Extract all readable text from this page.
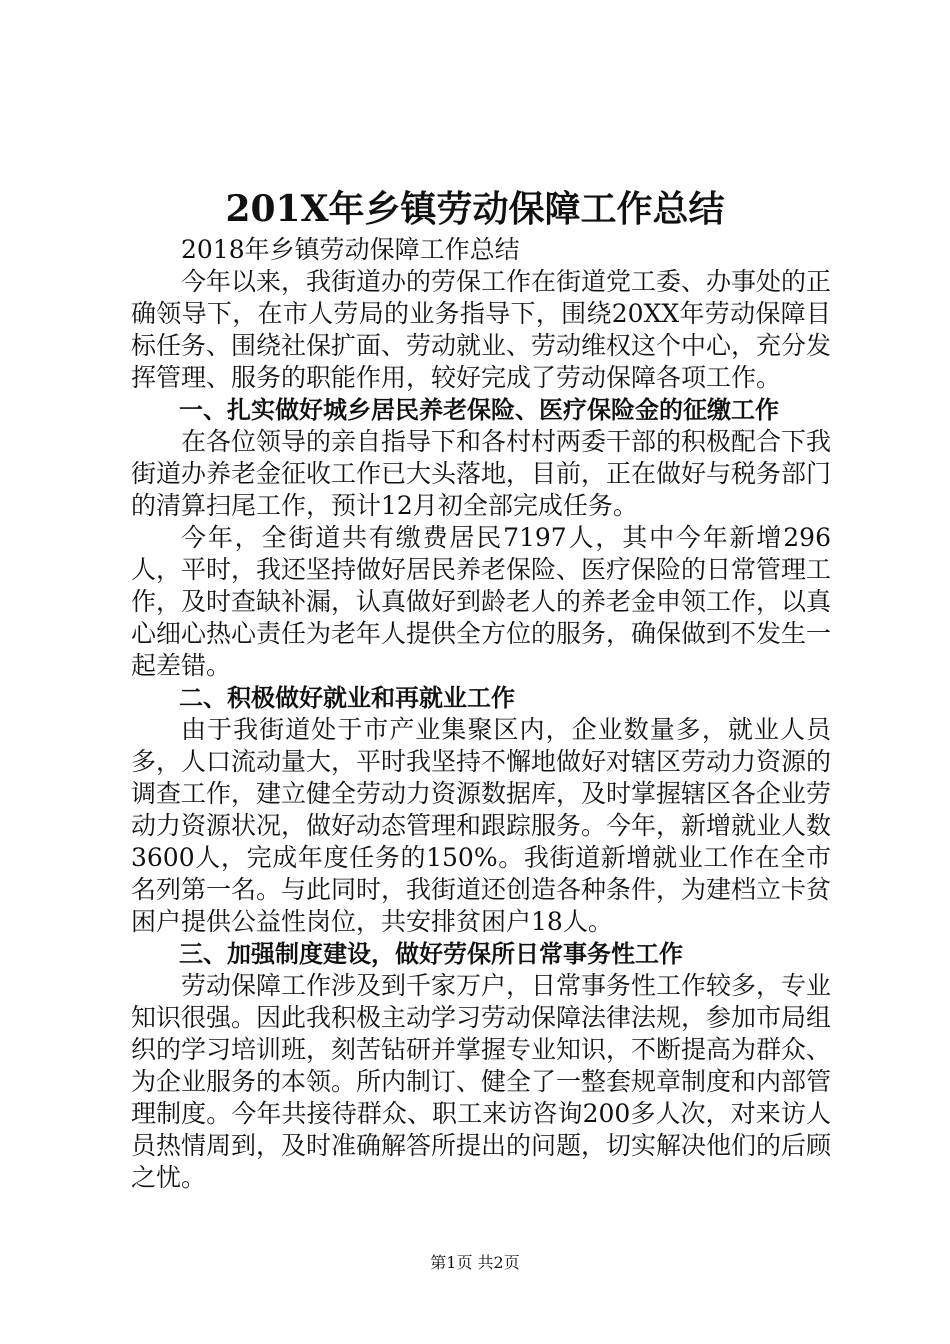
201X年乡镇劳动保障工作总结

2018年乡镇劳动保障工作总结

今年以来，我街道办的劳保工作在街道党工委、办事处的正确领导下，在市人劳局的业务指导下，围绕20XX年劳动保障目标任务、围绕社保扩面、劳动就业、劳动维权这个中心，充分发挥管理、服务的职能作用，较好完成了劳动保障各项工作。

一、扎实做好城乡居民养老保险、医疗保险金的征缴工作

在各位领导的亲自指导下和各村村两委干部的积极配合下我街道办养老金征收工作已大头落地，目前，正在做好与税务部门的清算扫尾工作，预计12月初全部完成任务。

今年，全街道共有缴费居民7197人，其中今年新增296人，平时，我还坚持做好居民养老保险、医疗保险的日常管理工作，及时查缺补漏，认真做好到龄老人的养老金申领工作，以真心细心热心责任为老年人提供全方位的服务，确保做到不发生一起差错。

二、积极做好就业和再就业工作

由于我街道处于市产业集聚区内，企业数量多，就业人员多，人口流动量大，平时我坚持不懈地做好对辖区劳动力资源的调查工作，建立健全劳动力资源数据库，及时掌握辖区各企业劳动力资源状况，做好动态管理和跟踪服务。今年，新增就业人数3600人，完成年度任务的150%。我街道新增就业工作在全市名列第一名。与此同时，我街道还创造各种条件，为建档立卡贫困户提供公益性岗位，共安排贫困户18人。

三、加强制度建设，做好劳保所日常事务性工作

劳动保障工作涉及到千家万户，日常事务性工作较多，专业知识很强。因此我积极主动学习劳动保障法律法规，参加市局组织的学习培训班，刻苦钻研并掌握专业知识，不断提高为群众、为企业服务的本领。所内制订、健全了一整套规章制度和内部管理制度。今年共接待群众、职工来访咨询200多人次，对来访人员热情周到，及时准确解答所提出的问题，切实解决他们的后顾之忧。

第1页 共2页
